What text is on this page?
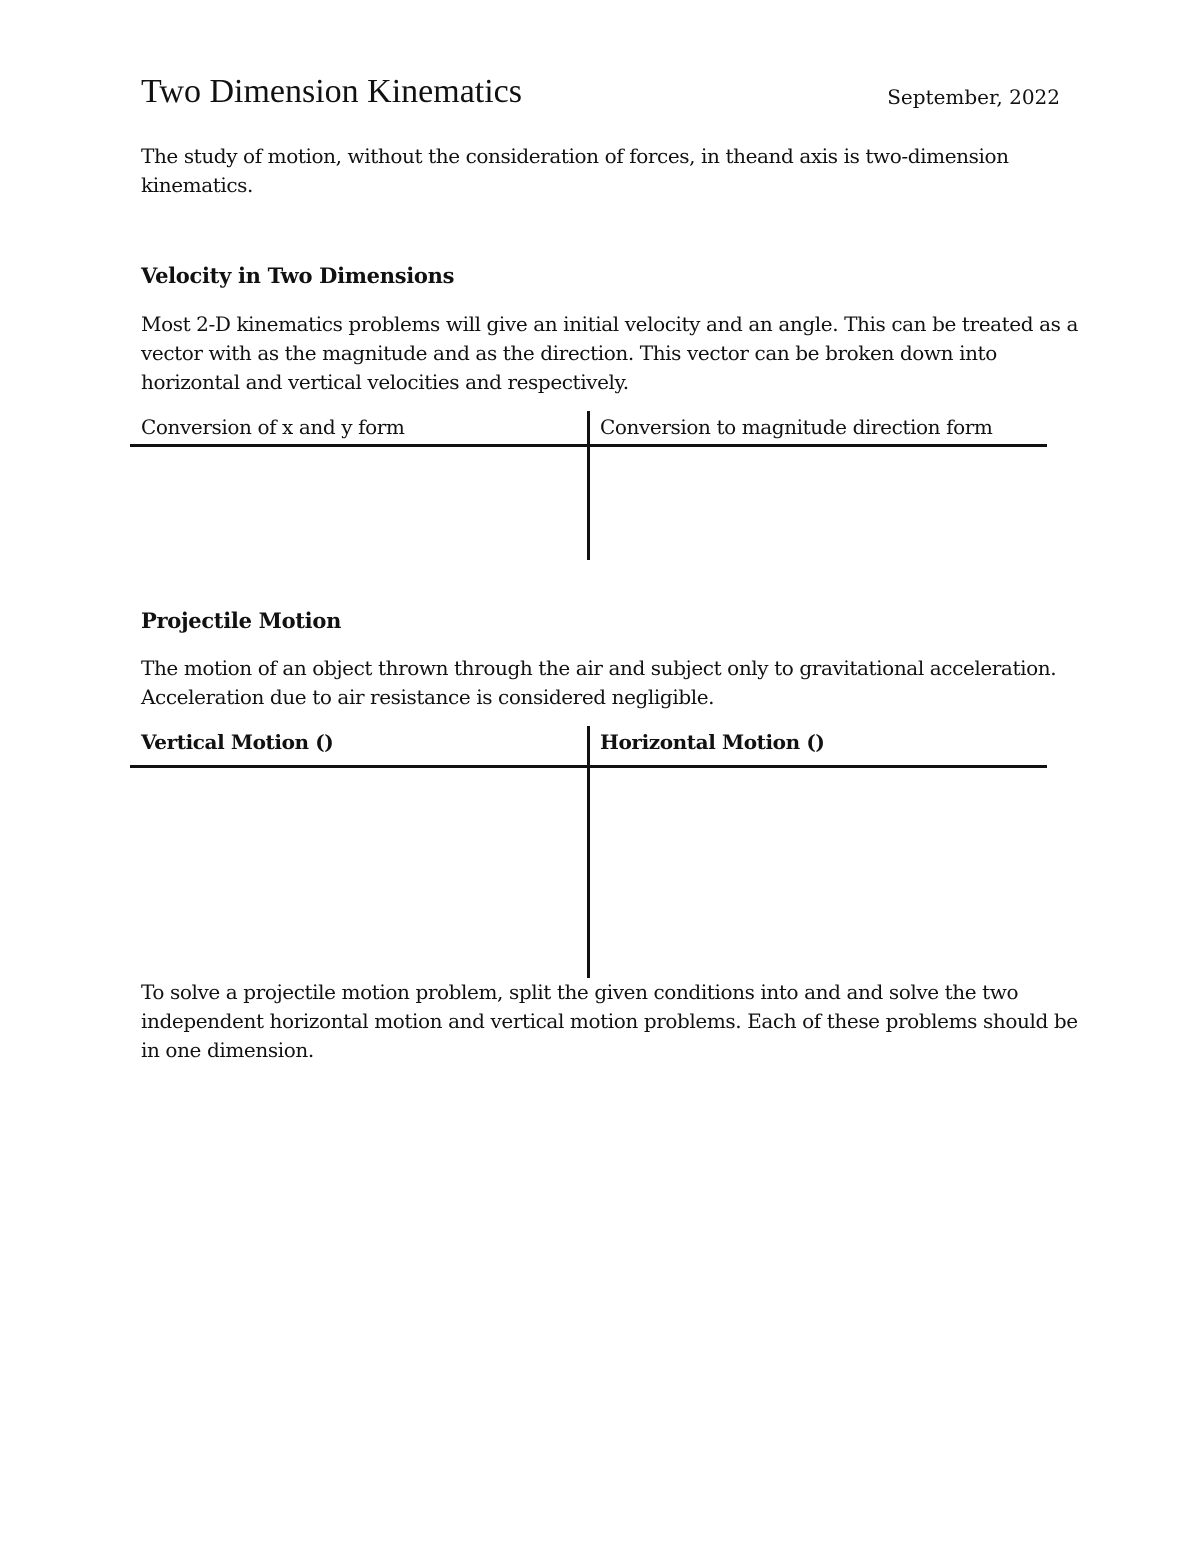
Two Dimension Kinematics	September, 2022
The study of motion, without the consideration of forces, in theand axis is two-dimension
kinematics.
Velocity in Two Dimensions
Most 2-D kinematics problems will give an initial velocity and an angle. This can be treated as a
vector with as the magnitude and as the direction. This vector can be broken down into
horizontal and vertical velocities and respectively.
Conversion of x and y form	Conversion to magnitude direction form
Projectile Motion
The motion of an object thrown through the air and subject only to gravitational acceleration.
Acceleration due to air resistance is considered negligible.
Vertical Motion ()	Horizontal Motion ()
To solve a projectile motion problem, split the given conditions into and and solve the two
independent horizontal motion and vertical motion problems. Each of these problems should be
in one dimension.
